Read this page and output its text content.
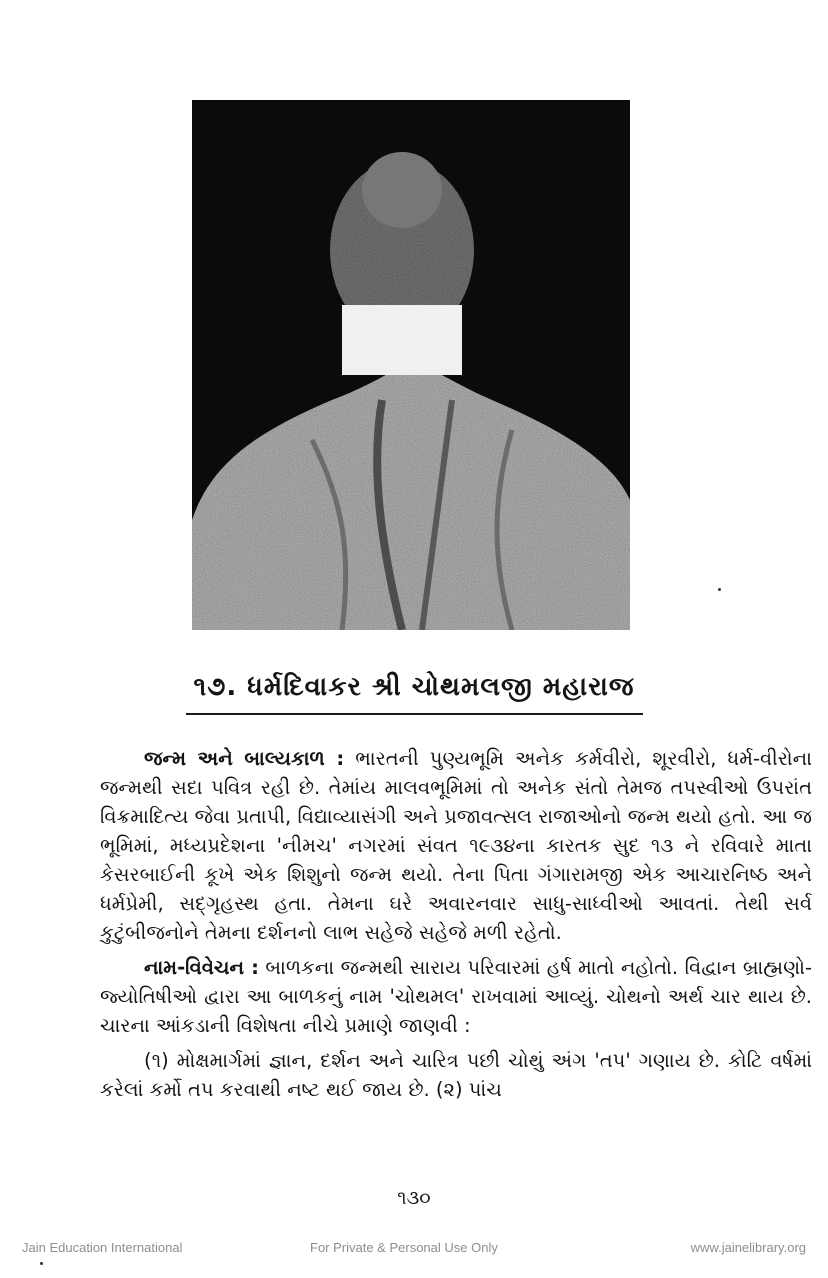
૧૭. ધર્મદિવાકર શ્રી ચોથમલજી મહારાજ

જન્મ અને બાલ્યકાળ : ભારતની પુણ્યભૂમિ અનેક કર્મવીરો, શૂરવીરો, ધર્મ-વીરોના જન્મથી સદા પવિત્ર રહી છે. તેમાંય માલવભૂમિમાં તો અનેક સંતો તેમજ તપસ્વીઓ ઉપરાંત વિક્રમાદિત્ય જેવા પ્રતાપી, વિદ્યાવ્યાસંગી અને પ્રજાવત્સલ રાજાઓનો જન્મ થયો હતો. આ જ ભૂમિમાં, મધ્યપ્રદેશના 'નીમચ' નગરમાં સંવત ૧૯૩૪ના કારતક સુદ ૧૩ ને રવિવારે માતા કેસરબાઈની કૂખે એક શિશુનો જન્મ થયો. તેના પિતા ગંગારામજી એક આચારનિષ્ઠ અને ધર્મપ્રેમી, સદ્‌ગૃહસ્થ હતા. તેમના ઘરે અવારનવાર સાધુ-સાધ્વીઓ આવતાં. તેથી સર્વ કુટુંબીજનોને તેમના દર્શનનો લાભ સહેજે સહેજે મળી રહેતો.

નામ-વિવેચન : બાળકના જન્મથી સારાય પરિવારમાં હર્ષ માતો નહોતો. વિદ્વાન બ્રાહ્મણો-જ્યોતિષીઓ દ્વારા આ બાળકનું નામ 'ચોથમલ' રાખવામાં આવ્યું. ચોથનો અર્થ ચાર થાય છે. ચારના આંકડાની વિશેષતા નીચે પ્રમાણે જાણવી :

(૧) મોક્ષમાર્ગમાં જ્ઞાન, દર્શન અને ચારિત્ર પછી ચોથું અંગ 'તપ' ગણાય છે. કોટિ વર્ષમાં કરેલાં કર્મો તપ કરવાથી નષ્ટ થઈ જાય છે. (૨) પાંચ

૧૩૦
Jain Education International	For Private & Personal Use Only	www.jainelibrary.org
